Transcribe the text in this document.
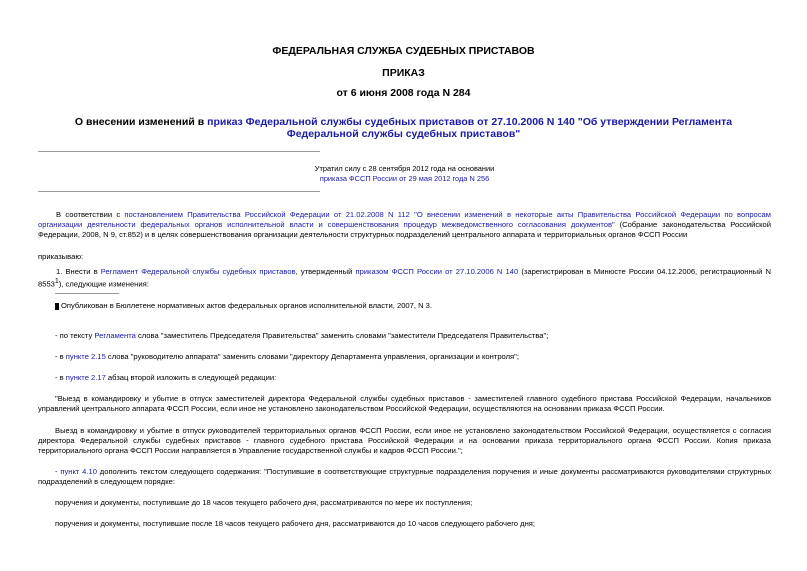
ФЕДЕРАЛЬНАЯ СЛУЖБА СУДЕБНЫХ ПРИСТАВОВ
ПРИКАЗ
от 6 июня 2008 года N 284
О внесении изменений в приказ Федеральной службы судебных приставов от 27.10.2006 N 140 "Об утверждении Регламента Федеральной службы судебных приставов"
Утратил силу с 28 сентября 2012 года на основании
приказа ФССП России от 29 мая 2012 года N 256
В соответствии с постановлением Правительства Российской Федерации от 21.02.2008 N 112 "О внесении изменений в некоторые акты Правительства Российской Федерации по вопросам организации деятельности федеральных органов исполнительной власти и совершенствования процедур межведомственного согласования документов" (Собрание законодательства Российской Федерации, 2008, N 9, ст.852) и в целях совершенствования организации деятельности структурных подразделений центрального аппарата и территориальных органов ФССП России
приказываю:
1. Внести в Регламент Федеральной службы судебных приставов, утвержденный приказом ФССП России от 27.10.2006 N 140 (зарегистрирован в Минюсте России 04.12.2006, регистрационный N 8553$^1$), следующие изменения:
Опубликован в Бюллетене нормативных актов федеральных органов исполнительной власти, 2007, N 3.
- по тексту Регламента слова "заместитель Председателя Правительства" заменить словами "заместители Председателя Правительства";
- в пункте 2.15 слова "руководителю аппарата" заменить словами "директору Департамента управления, организации и контроля";
- в пункте 2.17 абзац второй изложить в следующей редакции:
"Выезд в командировку и убытие в отпуск заместителей директора Федеральной службы судебных приставов - заместителей главного судебного пристава Российской Федерации, начальников управлений центрального аппарата ФССП России, если иное не установлено законодательством Российской Федерации, осуществляются на основании приказа ФССП России.
Выезд в командировку и убытие в отпуск руководителей территориальных органов ФССП России, если иное не установлено законодательством Российской Федерации, осуществляется с согласия директора Федеральной службы судебных приставов - главного судебного пристава Российской Федерации и на основании приказа территориального органа ФССП России. Копия приказа территориального органа ФССП России направляется в Управление государственной службы и кадров ФССП России.";
- пункт 4.10 дополнить текстом следующего содержания: "Поступившие в соответствующие структурные подразделения поручения и иные документы рассматриваются руководителями структурных подразделений в следующем порядке:
поручения и документы, поступившие до 18 часов текущего рабочего дня, рассматриваются по мере их поступления;
поручения и документы, поступившие после 18 часов текущего рабочего дня, рассматриваются до 10 часов следующего рабочего дня;
